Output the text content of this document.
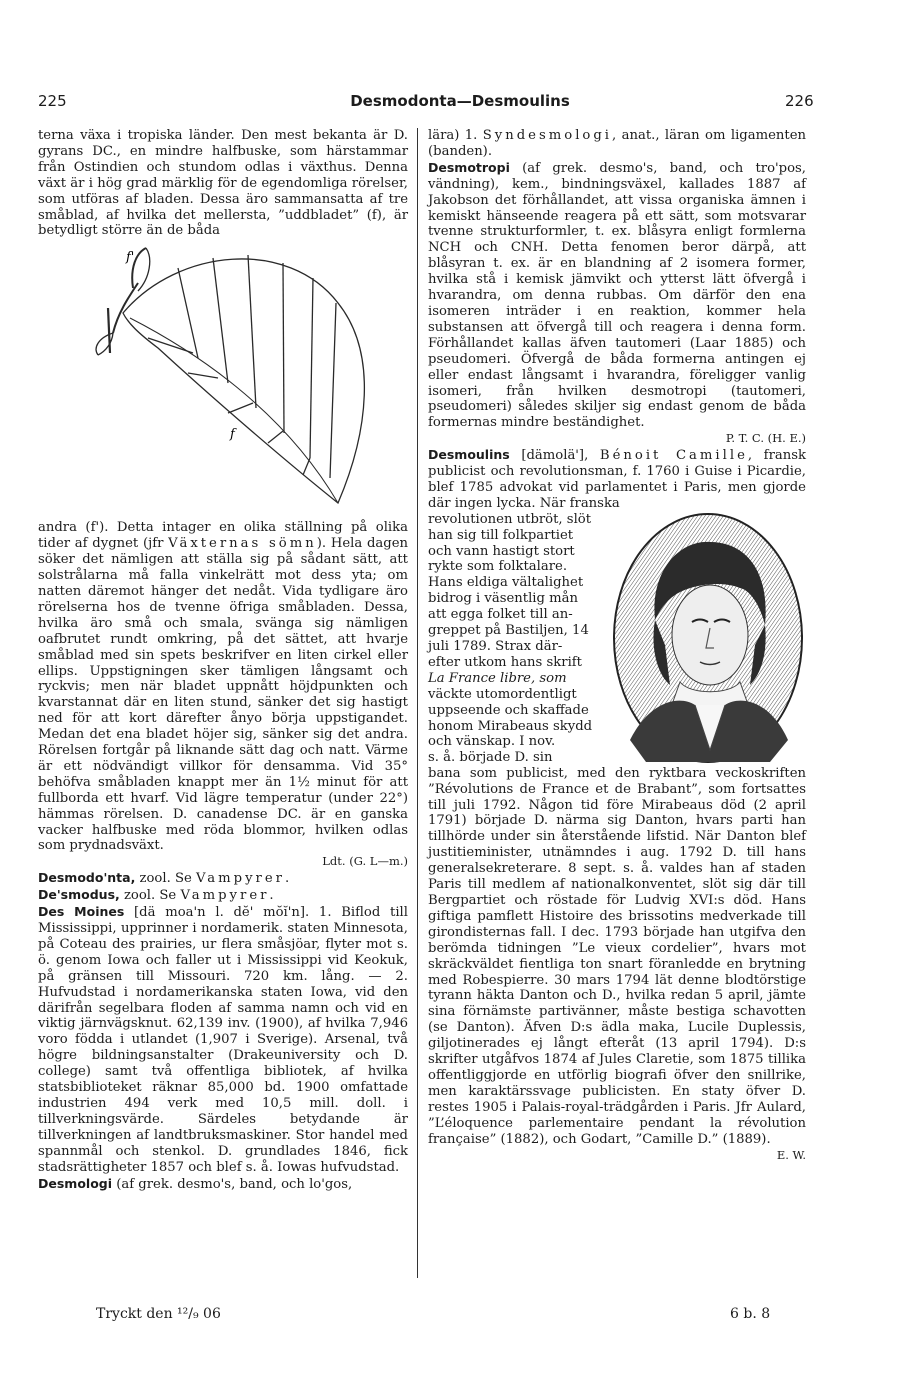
225	Desmodonta—Desmoulins	226

terna växa i tropiska länder. Den mest bekanta är D. gyrans DC., en mindre halfbuske, som härstammar från Ostindien och stundom odlas i växthus. Denna växt är i hög grad märklig för de egendomliga rörelser, som utföras af bladen. Dessa äro sammansatta af tre småblad, af hvilka det mellersta, ”uddbladet” (f), är betydligt större än de båda

f'
f

andra (f'). Detta intager en olika ställning på olika tider af dygnet (jfr Växternas sömn). Hela dagen söker det nämligen att ställa sig på sådant sätt, att solstrålarna må falla vinkelrätt mot dess yta; om natten däremot hänger det nedåt. Vida tydligare äro rörelserna hos de tvenne öfriga småbladen. Dessa, hvilka äro små och smala, svänga sig nämligen oafbrutet rundt omkring, på det sättet, att hvarje småblad med sin spets beskrifver en liten cirkel eller ellips. Uppstigningen sker tämligen långsamt och ryckvis; men när bladet uppnått höjdpunkten och kvarstannat där en liten stund, sänker det sig hastigt ned för att kort därefter ånyo börja uppstigandet. Medan det ena bladet höjer sig, sänker sig det andra. Rörelsen fortgår på liknande sätt dag och natt. Värme är ett nödvändigt villkor för densamma. Vid 35° behöfva småbladen knappt mer än 1½ minut för att fullborda ett hvarf. Vid lägre temperatur (under 22°) hämmas rörelsen. D. canadense DC. är en ganska vacker halfbuske med röda blommor, hvilken odlas som prydnadsväxt.
Ldt. (G. L—m.)

Desmodo'nta, zool. Se Vampyrer.

De'smodus, zool. Se Vampyrer.

Des Moines [dä moa'n l. dĕ' mŏĭ'n]. 1. Biflod till Mississippi, upprinner i nordamerik. staten Minnesota, på Coteau des prairies, ur flera småsjöar, flyter mot s. ö. genom Iowa och faller ut i Mississippi vid Keokuk, på gränsen till Missouri. 720 km. lång. — 2. Hufvudstad i nordamerikanska staten Iowa, vid den därifrån segelbara floden af samma namn och vid en viktig järnvägsknut. 62,139 inv. (1900), af hvilka 7,946 voro födda i utlandet (1,907 i Sverige). Arsenal, två högre bildningsanstalter (Drakeuniversity och D. college) samt två offentliga bibliotek, af hvilka statsbiblioteket räknar 85,000 bd. 1900 omfattade industrien 494 verk med 10,5 mill. doll. i tillverkningsvärde. Särdeles betydande är tillverkningen af landtbruksmaskiner. Stor handel med spannmål och stenkol. D. grundlades 1846, fick stadsrättigheter 1857 och blef s. å. Iowas hufvudstad.

Desmologi (af grek. desmo's, band, och lo'gos,

lära) 1. Syndesmologi, anat., läran om ligamenten (banden).

Desmotropi (af grek. desmo's, band, och tro'pos, vändning), kem., bindningsväxel, kallades 1887 af Jakobson det förhållandet, att vissa organiska ämnen i kemiskt hänseende reagera på ett sätt, som motsvarar tvenne strukturformler, t. ex. blåsyra enligt formlerna NCH och CNH. Detta fenomen beror därpå, att blåsyran t. ex. är en blandning af 2 isomera former, hvilka stå i kemisk jämvikt och ytterst lätt öfvergå i hvarandra, om denna rubbas. Om därför den ena isomeren inträder i en reaktion, kommer hela substansen att öfvergå till och reagera i denna form. Förhållandet kallas äfven tautomeri (Laar 1885) och pseudomeri. Öfvergå de båda formerna antingen ej eller endast långsamt i hvarandra, föreligger vanlig isomeri, från hvilken desmotropi (tautomeri, pseudomeri) således skiljer sig endast genom de båda formernas mindre beständighet.
P. T. C. (H. E.)

Desmoulins [dämolä'], Bénoit Camille, fransk publicist och revolutionsman, f. 1760 i Guise i Picardie, blef 1785 advokat vid parlamentet i Paris, men gjorde där ingen lycka. När franska

revolutionen utbröt, slöt
han sig till folkpartiet
och vann hastigt stort
rykte som folktalare.
Hans eldiga vältalighet
bidrog i väsentlig mån
att egga folket till an-
greppet på Bastiljen, 14
juli 1789. Strax där-
efter utkom hans skrift
La France libre, som
väckte utomordentligt
uppseende och skaffade
honom Mirabeaus skydd
och vänskap. I nov.
s. å. började D. sin

bana som publicist, med den ryktbara veckoskriften ”Révolutions de France et de Brabant”, som fortsattes till juli 1792. Någon tid före Mirabeaus död (2 april 1791) började D. närma sig Danton, hvars parti han tillhörde under sin återstående lifstid. När Danton blef justitieminister, utnämndes i aug. 1792 D. till hans generalsekreterare. 8 sept. s. å. valdes han af staden Paris till medlem af nationalkonventet, slöt sig där till Bergpartiet och röstade för Ludvig XVI:s död. Hans giftiga pamflett Histoire des brissotins medverkade till girondisternas fall. I dec. 1793 började han utgifva den berömda tidningen ”Le vieux cordelier”, hvars mot skräckväldet fientliga ton snart föranledde en brytning med Robespierre. 30 mars 1794 lät denne blodtörstige tyrann häkta Danton och D., hvilka redan 5 april, jämte sina förnämste partivänner, måste bestiga schavotten (se Danton). Äfven D:s ädla maka, Lucile Duplessis, giljotinerades ej långt efteråt (13 april 1794). D:s skrifter utgåfvos 1874 af Jules Claretie, som 1875 tillika offentliggjorde en utförlig biografi öfver den snillrike, men karaktärssvage publicisten. En staty öfver D. restes 1905 i Palais-royal-trädgården i Paris. Jfr Aulard, ”L’éloquence parlementaire pendant la révolution française” (1882), och Godart, ”Camille D.” (1889).
E. W.

Tryckt den ¹²/₉ 06	6 b. 8
